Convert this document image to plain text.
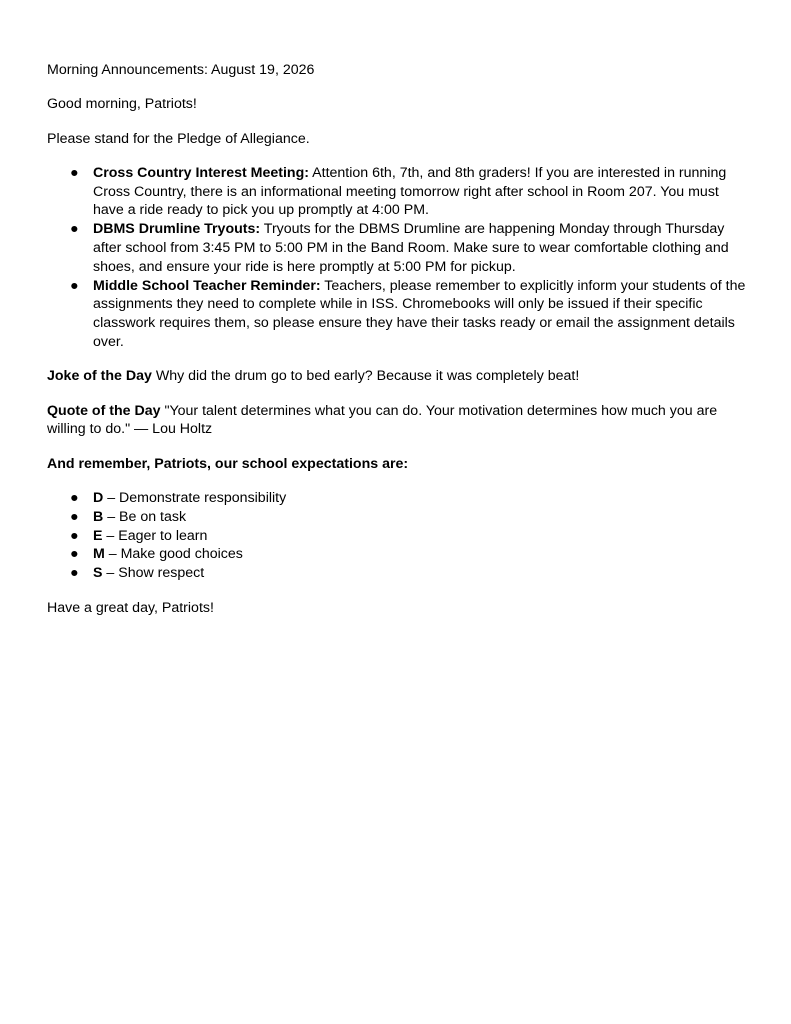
Morning Announcements: August 19, 2026

Good morning, Patriots!

Please stand for the Pledge of Allegiance.

● Cross Country Interest Meeting: Attention 6th, 7th, and 8th graders! If you are interested in running Cross Country, there is an informational meeting tomorrow right after school in Room 207. You must have a ride ready to pick you up promptly at 4:00 PM.
● DBMS Drumline Tryouts: Tryouts for the DBMS Drumline are happening Monday through Thursday after school from 3:45 PM to 5:00 PM in the Band Room. Make sure to wear comfortable clothing and shoes, and ensure your ride is here promptly at 5:00 PM for pickup.
● Middle School Teacher Reminder: Teachers, please remember to explicitly inform your students of the assignments they need to complete while in ISS. Chromebooks will only be issued if their specific classwork requires them, so please ensure they have their tasks ready or email the assignment details over.

Joke of the Day Why did the drum go to bed early? Because it was completely beat!

Quote of the Day "Your talent determines what you can do. Your motivation determines how much you are willing to do." — Lou Holtz

And remember, Patriots, our school expectations are:

● D – Demonstrate responsibility
● B – Be on task
● E – Eager to learn
● M – Make good choices
● S – Show respect

Have a great day, Patriots!
